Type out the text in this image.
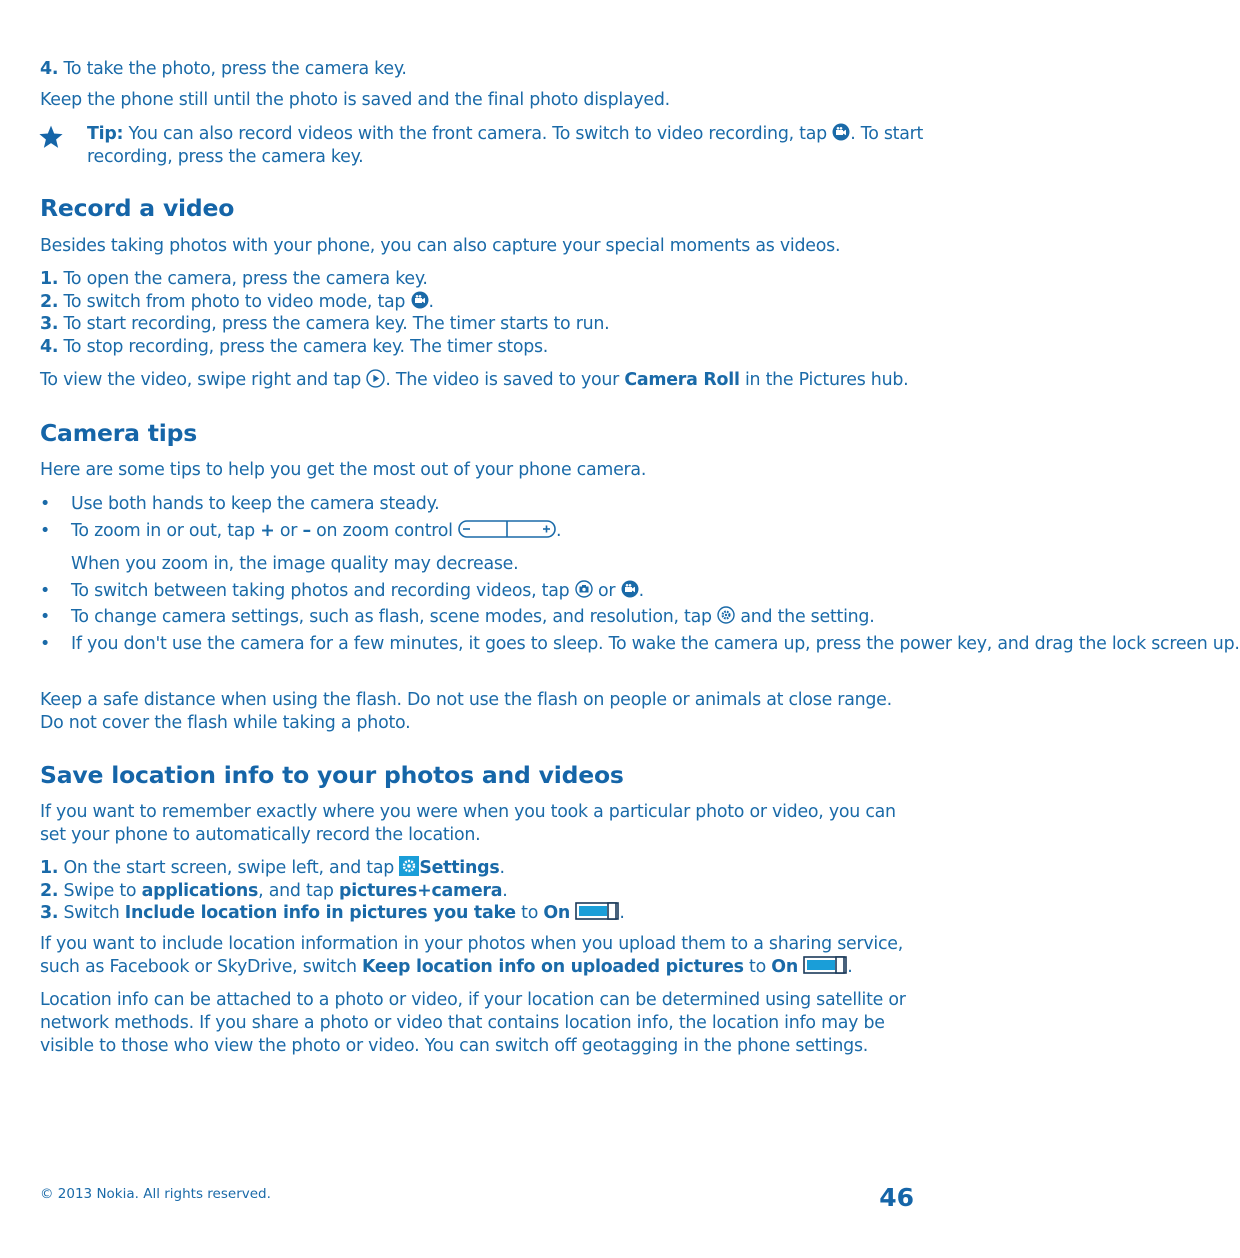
4. To take the photo, press the camera key.
Keep the phone still until the photo is saved and the final photo displayed.
Tip: You can also record videos with the front camera. To switch to video recording, tap . To start recording, press the camera key.
Record a video
Besides taking photos with your phone, you can also capture your special moments as videos.
1. To open the camera, press the camera key.
2. To switch from photo to video mode, tap .
3. To start recording, press the camera key. The timer starts to run.
4. To stop recording, press the camera key. The timer stops.
To view the video, swipe right and tap . The video is saved to your Camera Roll in the Pictures hub.
Camera tips
Here are some tips to help you get the most out of your phone camera.
• Use both hands to keep the camera steady.
• To zoom in or out, tap + or – on zoom control	.
When you zoom in, the image quality may decrease.
• To switch between taking photos and recording videos, tap  or .
• To change camera settings, such as flash, scene modes, and resolution, tap  and the setting.
• If you don't use the camera for a few minutes, it goes to sleep. To wake the camera up, press the power key, and drag the lock screen up.
Keep a safe distance when using the flash. Do not use the flash on people or animals at close range. Do not cover the flash while taking a photo.
Save location info to your photos and videos
If you want to remember exactly where you were when you took a particular photo or video, you can set your phone to automatically record the location.
1. On the start screen, swipe left, and tap Settings.
2. Swipe to applications, and tap pictures+camera.
3. Switch Include location info in pictures you take to On	.
If you want to include location information in your photos when you upload them to a sharing service, such as Facebook or SkyDrive, switch Keep location info on uploaded pictures to On	.
Location info can be attached to a photo or video, if your location can be determined using satellite or network methods. If you share a photo or video that contains location info, the location info may be visible to those who view the photo or video. You can switch off geotagging in the phone settings.
© 2013 Nokia. All rights reserved.	46
